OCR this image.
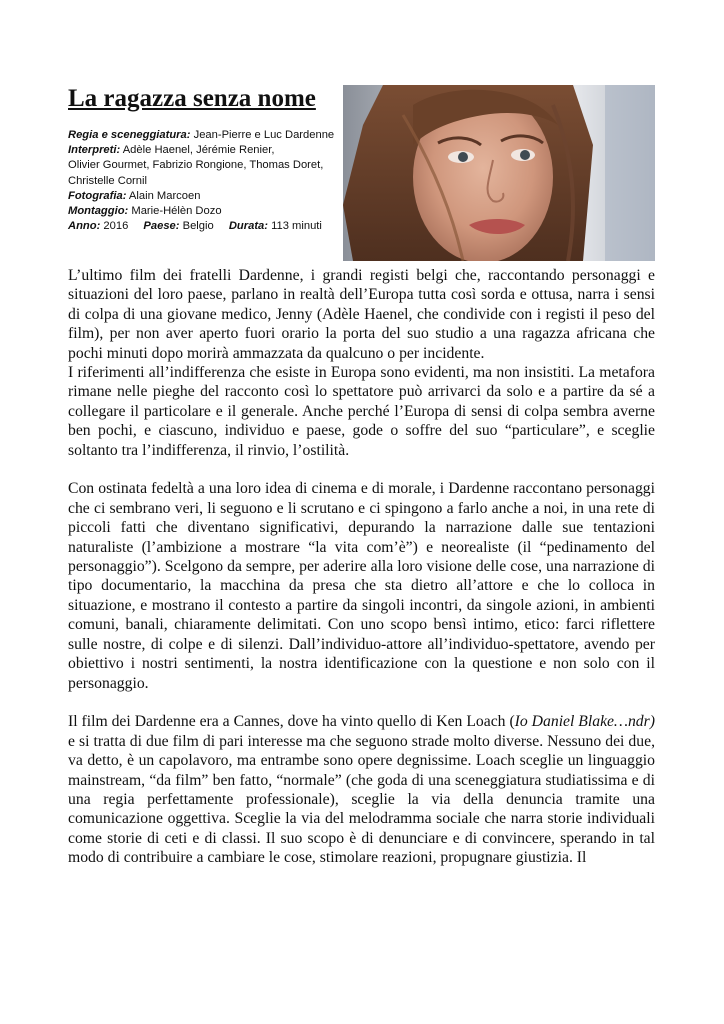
La ragazza senza nome
Regia e sceneggiatura: Jean-Pierre e Luc Dardenne
Interpreti: Adèle Haenel, Jérémie Renier,
Olivier Gourmet, Fabrizio Rongione, Thomas Doret,
Christelle Cornil
Fotografia: Alain Marcoen
Montaggio: Marie-Hélèn Dozo
Anno: 2016 Paese: Belgio Durata: 113 minuti

L’ultimo film dei fratelli Dardenne, i grandi registi belgi che, raccontando personaggi e situazioni del loro paese, parlano in realtà dell’Europa tutta così sorda e ottusa, narra i sensi di colpa di una giovane medico, Jenny (Adèle Haenel, che condivide con i registi il peso del film), per non aver aperto fuori orario la porta del suo studio a una ragazza africana che pochi minuti dopo morirà ammazzata da qualcuno o per incidente.

I riferimenti all’indifferenza che esiste in Europa sono evidenti, ma non insistiti. La metafora rimane nelle pieghe del racconto così lo spettatore può arrivarci da solo e a partire da sé a collegare il particolare e il generale. Anche perché l’Europa di sensi di colpa sembra averne ben pochi, e ciascuno, individuo e paese, gode o soffre del suo “particulare”, e sceglie soltanto tra l’indifferenza, il rinvio, l’ostilità.

Con ostinata fedeltà a una loro idea di cinema e di morale, i Dardenne raccontano personaggi che ci sembrano veri, li seguono e li scrutano e ci spingono a farlo anche a noi, in una rete di piccoli fatti che diventano significativi, depurando la narrazione dalle sue tentazioni naturaliste (l’ambizione a mostrare “la vita com’è”) e neorealiste (il “pedinamento del personaggio”). Scelgono da sempre, per aderire alla loro visione delle cose, una narrazione di tipo documentario, la macchina da presa che sta dietro all’attore e che lo colloca in situazione, e mostrano il contesto a partire da singoli incontri, da singole azioni, in ambienti comuni, banali, chiaramente delimitati. Con uno scopo bensì intimo, etico: farci riflettere sulle nostre, di colpe e di silenzi. Dall’individuo-attore all’individuo-spettatore, avendo per obiettivo i nostri sentimenti, la nostra identificazione con la questione e non solo con il personaggio.

Il film dei Dardenne era a Cannes, dove ha vinto quello di Ken Loach (Io Daniel Blake…ndr) e si tratta di due film di pari interesse ma che seguono strade molto diverse. Nessuno dei due, va detto, è un capolavoro, ma entrambe sono opere degnissime. Loach sceglie un linguaggio mainstream, “da film” ben fatto, “normale” (che goda di una sceneggiatura studiatissima e di una regia perfettamente professionale), sceglie la via della denuncia tramite una comunicazione oggettiva. Sceglie la via del melodramma sociale che narra storie individuali come storie di ceti e di classi. Il suo scopo è di denunciare e di convincere, sperando in tal modo di contribuire a cambiare le cose, stimolare reazioni, propugnare giustizia. Il
